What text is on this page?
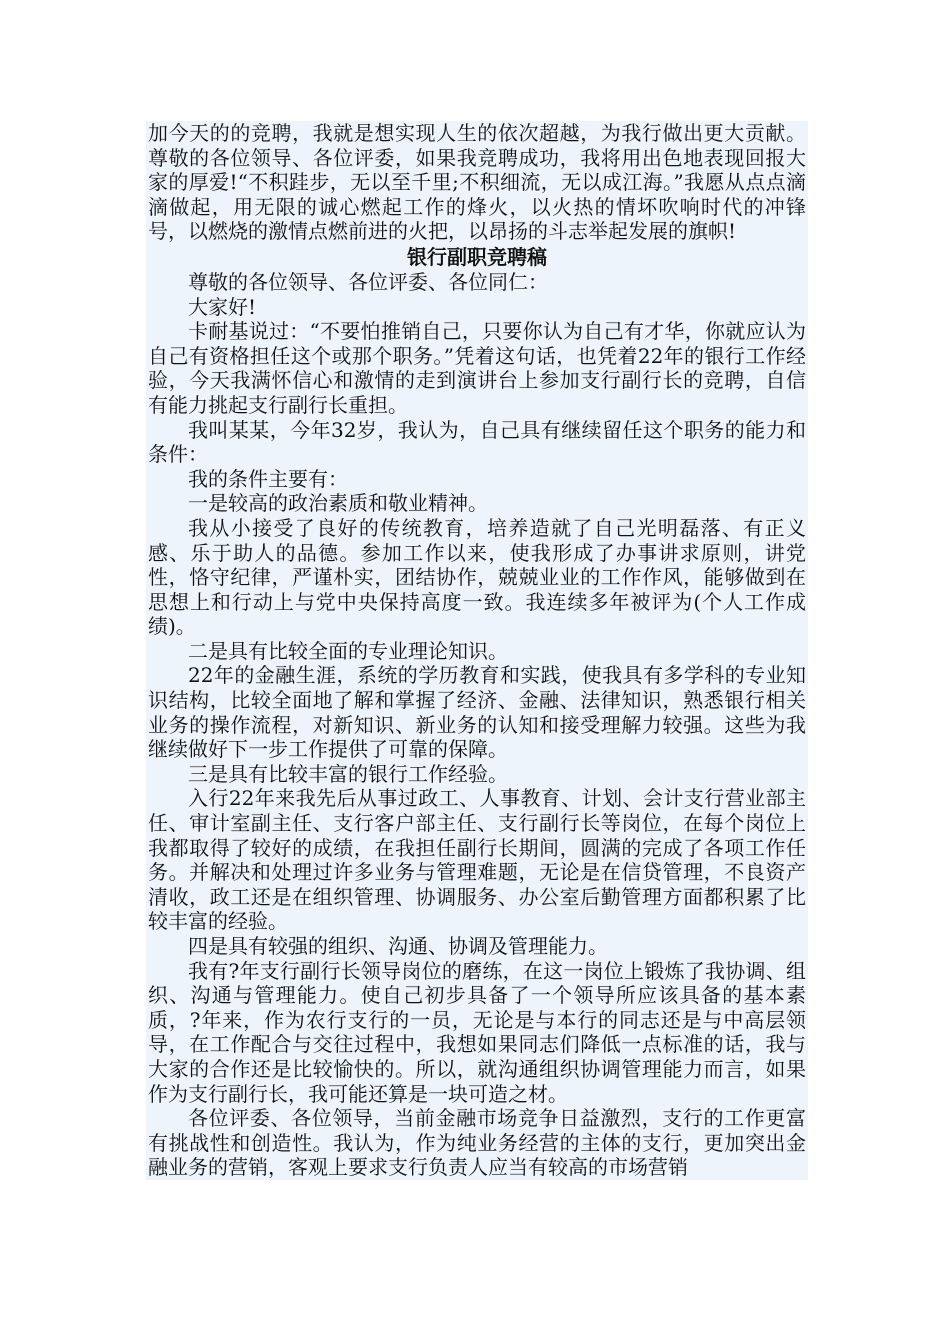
加今天的的竞聘，我就是想实现人生的依次超越，为我行做出更大贡献。尊敬的各位领导、各位评委，如果我竞聘成功，我将用出色地表现回报大家的厚爱!“不积跬步，无以至千里;不积细流，无以成江海。”我愿从点点滴滴做起，用无限的诚心燃起工作的烽火，以火热的情坏吹响时代的冲锋号，以燃烧的激情点燃前进的火把，以昂扬的斗志举起发展的旗帜!

银行副职竞聘稿

尊敬的各位领导、各位评委、各位同仁：

大家好!

卡耐基说过：“不要怕推销自己，只要你认为自己有才华，你就应认为自己有资格担任这个或那个职务。”凭着这句话，也凭着22年的银行工作经验，今天我满怀信心和激情的走到演讲台上参加支行副行长的竞聘，自信有能力挑起支行副行长重担。

我叫某某，今年32岁，我认为，自己具有继续留任这个职务的能力和条件：

我的条件主要有：

一是较高的政治素质和敬业精神。

我从小接受了良好的传统教育，培养造就了自己光明磊落、有正义感、乐于助人的品德。参加工作以来，使我形成了办事讲求原则，讲党性，恪守纪律，严谨朴实，团结协作，兢兢业业的工作作风，能够做到在思想上和行动上与党中央保持高度一致。我连续多年被评为(个人工作成绩)。

二是具有比较全面的专业理论知识。

22年的金融生涯，系统的学历教育和实践，使我具有多学科的专业知识结构，比较全面地了解和掌握了经济、金融、法律知识，熟悉银行相关业务的操作流程，对新知识、新业务的认知和接受理解力较强。这些为我继续做好下一步工作提供了可靠的保障。

三是具有比较丰富的银行工作经验。

入行22年来我先后从事过政工、人事教育、计划、会计支行营业部主任、审计室副主任、支行客户部主任、支行副行长等岗位，在每个岗位上我都取得了较好的成绩，在我担任副行长期间，圆满的完成了各项工作任务。并解决和处理过许多业务与管理难题，无论是在信贷管理，不良资产清收，政工还是在组织管理、协调服务、办公室后勤管理方面都积累了比较丰富的经验。

四是具有较强的组织、沟通、协调及管理能力。

我有?年支行副行长领导岗位的磨练，在这一岗位上锻炼了我协调、组织、沟通与管理能力。使自己初步具备了一个领导所应该具备的基本素质，?年来，作为农行支行的一员，无论是与本行的同志还是与中高层领导，在工作配合与交往过程中，我想如果同志们降低一点标准的话，我与大家的合作还是比较愉快的。所以，就沟通组织协调管理能力而言，如果作为支行副行长，我可能还算是一块可造之材。

各位评委、各位领导，当前金融市场竞争日益激烈，支行的工作更富有挑战性和创造性。我认为，作为纯业务经营的主体的支行，更加突出金融业务的营销，客观上要求支行负责人应当有较高的市场营销
